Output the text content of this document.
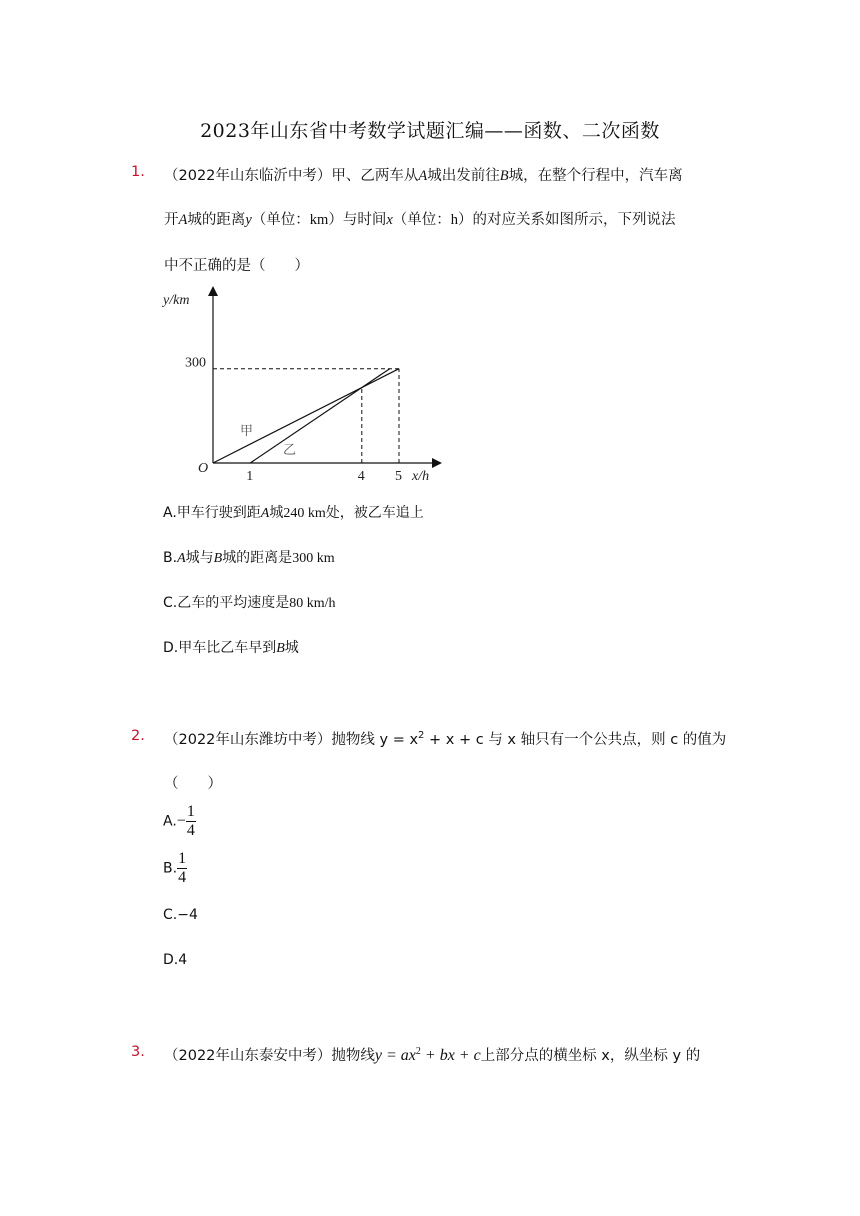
2023年山东省中考数学试题汇编——函数、二次函数
1. （2022年山东临沂中考）甲、乙两车从A城出发前往B城，在整个行程中，汽车离
开A城的距离y（单位：km）与时间x（单位：h）的对应关系如图所示，下列说法
中不正确的是（　　）
y/km
x/h
O
1	4 5
300
甲
乙
A.甲车行驶到距A城240 km处，被乙车追上
B.A城与B城的距离是300 km
C.乙车的平均速度是80 km/h
D.甲车比乙车早到B城
2. （2022年山东潍坊中考）抛物线 $y = x^2 + x + c$ 与 x 轴只有一个公共点，则 c 的值为
（　　）
$A.- \frac{1}{4}$
B. $\frac{1}{4}$
C.−4
D.4
3. （2022年山东泰安中考）抛物线$y = ax^2$ + bx + c上部分点的横坐标 x，纵坐标 y 的
